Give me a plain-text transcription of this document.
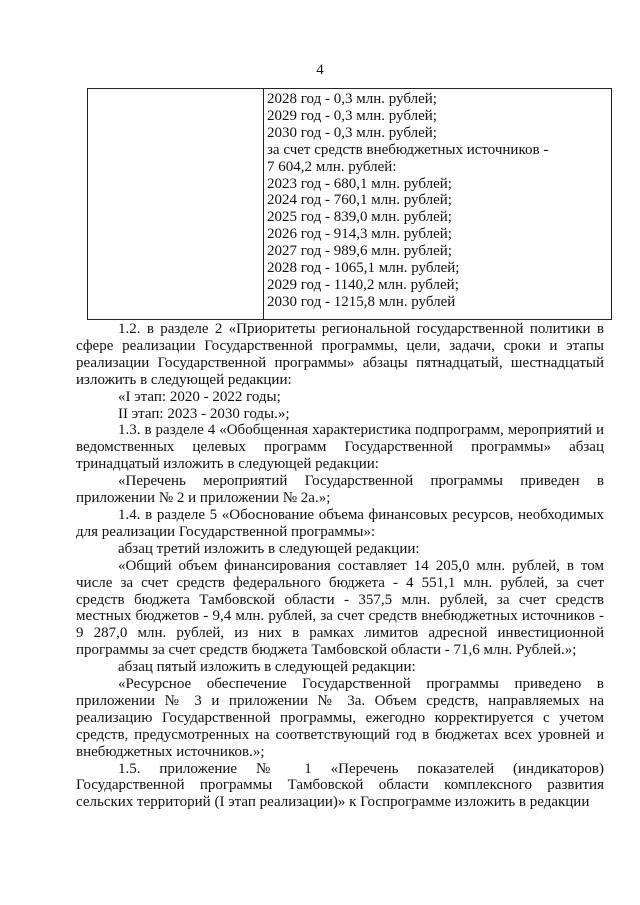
4
2028 год - 0,3 млн. рублей;
2029 год - 0,3 млн. рублей;
2030 год - 0,3 млн. рублей;
за счет средств внебюджетных источников -
7 604,2 млн. рублей:
2023 год - 680,1 млн. рублей;
2024 год - 760,1 млн. рублей;
2025 год - 839,0 млн. рублей;
2026 год - 914,3 млн. рублей;
2027 год - 989,6 млн. рублей;
2028 год - 1065,1 млн. рублей;
2029 год - 1140,2 млн. рублей;
2030 год - 1215,8 млн. рублей

1.2. в разделе 2 «Приоритеты региональной государственной политики в сфере реализации Государственной программы, цели, задачи, сроки и этапы реализации Государственной программы» абзацы пятнадцатый, шестнадцатый изложить в следующей редакции:

«I этап: 2020 - 2022 годы;

II этап: 2023 - 2030 годы.»;

1.3. в разделе 4 «Обобщенная характеристика подпрограмм, мероприятий и ведомственных целевых программ Государственной программы» абзац тринадцатый изложить в следующей редакции:

«Перечень мероприятий Государственной программы приведен в приложении № 2 и приложении № 2а.»;

1.4. в разделе 5 «Обоснование объема финансовых ресурсов, необходимых для реализации Государственной программы»:

абзац третий изложить в следующей редакции:

«Общий объем финансирования составляет 14 205,0 млн. рублей, в том числе за счет средств федерального бюджета - 4 551,1 млн. рублей, за счет средств бюджета Тамбовской области - 357,5 млн. рублей, за счет средств местных бюджетов - 9,4 млн. рублей, за счет средств внебюджетных источников - 9 287,0 млн. рублей, из них в рамках лимитов адресной инвестиционной программы за счет средств бюджета Тамбовской области - 71,6 млн. Рублей.»;

абзац пятый изложить в следующей редакции:

«Ресурсное обеспечение Государственной программы приведено в приложении № 3 и приложении № 3а. Объем средств, направляемых на реализацию Государственной программы, ежегодно корректируется с учетом средств, предусмотренных на соответствующий год в бюджетах всех уровней и внебюджетных источников.»;

1.5. приложение № 1 «Перечень показателей (индикаторов) Государственной программы Тамбовской области комплексного развития сельских территорий (I этап реализации)» к Госпрограмме изложить в редакции
